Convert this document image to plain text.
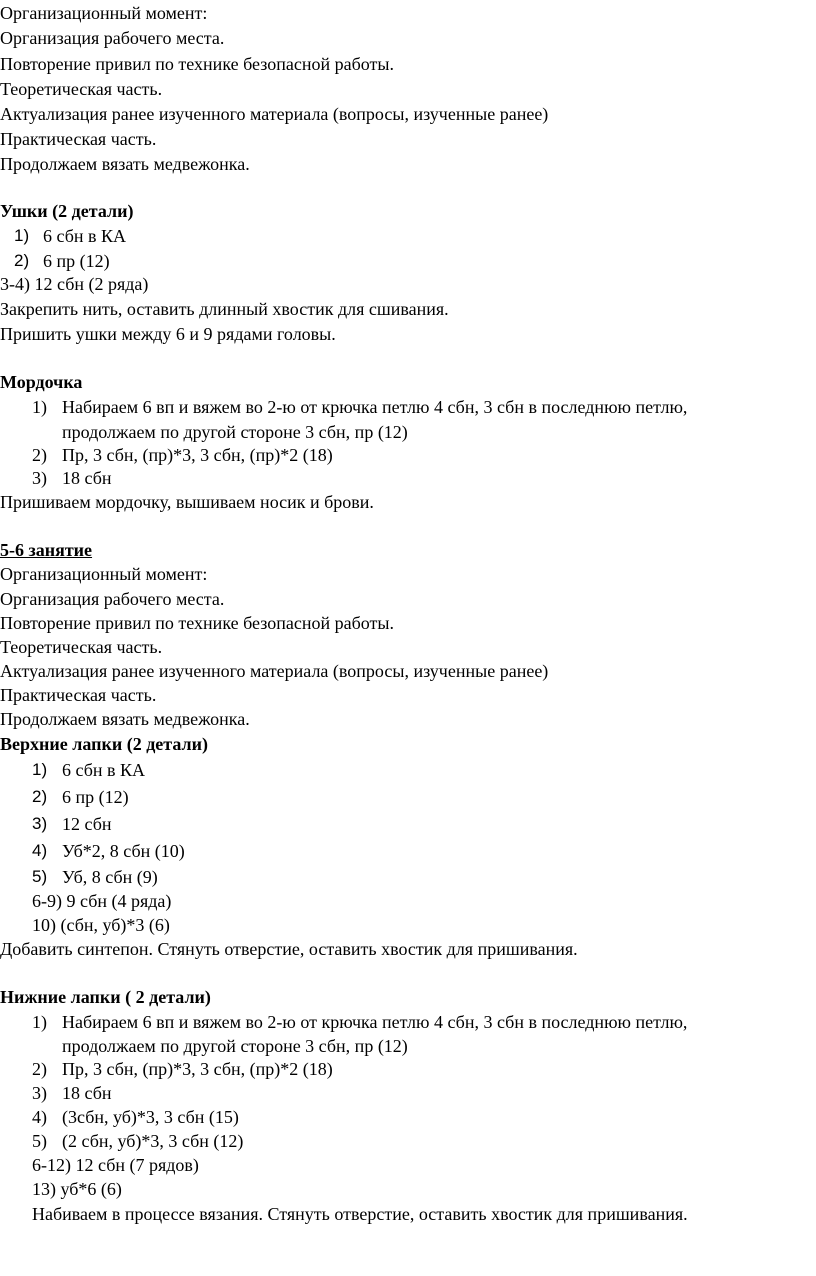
Организационный момент:
Организация рабочего места.
Повторение привил по технике безопасной работы.
Теоретическая часть.
Актуализация ранее изученного материала (вопросы, изученные ранее)
Практическая часть.
Продолжаем вязать медвежонка.
Ушки (2 детали)
1) 6 сбн в КА
2) 6 пр (12)
3-4) 12 сбн (2 ряда)
Закрепить нить, оставить длинный хвостик для сшивания.
Пришить ушки между 6 и 9 рядами головы.
Мордочка
1) Набираем 6 вп и вяжем во 2-ю от крючка петлю 4 сбн, 3 сбн в последнюю петлю,
продолжаем по другой стороне 3 сбн, пр (12)
2) Пр, 3 сбн, (пр)*3, 3 сбн, (пр)*2 (18)
3) 18 сбн
Пришиваем мордочку, вышиваем носик и брови.
5-6 занятие
Организационный момент:
Организация рабочего места.
Повторение привил по технике безопасной работы.
Теоретическая часть.
Актуализация ранее изученного материала (вопросы, изученные ранее)
Практическая часть.
Продолжаем вязать медвежонка.
Верхние лапки (2 детали)
1) 6 сбн в КА
2) 6 пр (12)
3) 12 сбн
4) Уб*2, 8 сбн (10)
5) Уб, 8 сбн (9)
6-9) 9 сбн (4 ряда)
10) (сбн, уб)*3 (6)
Добавить синтепон. Стянуть отверстие, оставить хвостик для пришивания.
Нижние лапки ( 2 детали)
1) Набираем 6 вп и вяжем во 2-ю от крючка петлю 4 сбн, 3 сбн в последнюю петлю,
продолжаем по другой стороне 3 сбн, пр (12)
2) Пр, 3 сбн, (пр)*3, 3 сбн, (пр)*2 (18)
3) 18 сбн
4) (3сбн, уб)*3, 3 сбн (15)
5) (2 сбн, уб)*3, 3 сбн (12)
6-12) 12 сбн (7 рядов)
13) уб*6 (6)
Набиваем в процессе вязания. Стянуть отверстие, оставить хвостик для пришивания.
